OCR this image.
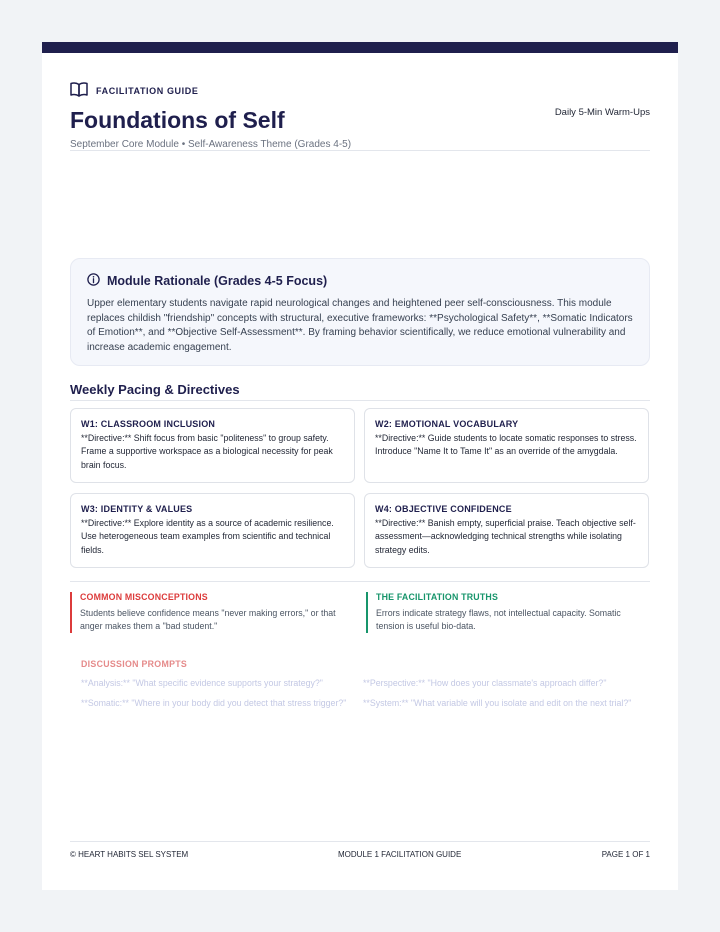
FACILITATION GUIDE
Foundations of Self
September Core Module • Self-Awareness Theme (Grades 4-5)
Daily 5-Min Warm-Ups
Module Rationale (Grades 4-5 Focus)
Upper elementary students navigate rapid neurological changes and heightened peer self-consciousness. This module replaces childish "friendship" concepts with structural, executive frameworks: **Psychological Safety**, **Somatic Indicators of Emotion**, and **Objective Self-Assessment**. By framing behavior scientifically, we reduce emotional vulnerability and increase academic engagement.
Weekly Pacing & Directives
W1: CLASSROOM INCLUSION
**Directive:** Shift focus from basic "politeness" to group safety. Frame a supportive workspace as a biological necessity for peak brain focus.
W2: EMOTIONAL VOCABULARY
**Directive:** Guide students to locate somatic responses to stress. Introduce "Name It to Tame It" as an override of the amygdala.
W3: IDENTITY & VALUES
**Directive:** Explore identity as a source of academic resilience. Use heterogeneous team examples from scientific and technical fields.
W4: OBJECTIVE CONFIDENCE
**Directive:** Banish empty, superficial praise. Teach objective self-assessment—acknowledging technical strengths while isolating strategy edits.
COMMON MISCONCEPTIONS
Students believe confidence means "never making errors," or that anger makes them a "bad student."
THE FACILITATION TRUTHS
Errors indicate strategy flaws, not intellectual capacity. Somatic tension is useful bio-data.
DISCUSSION PROMPTS
**Analysis:** "What specific evidence supports your strategy?"	**Perspective:** "How does your classmate's approach differ?"
**Somatic:** "Where in your body did you detect that stress trigger?"	**System:** "What variable will you isolate and edit on the next trial?"
© HEART HABITS SEL SYSTEM	MODULE 1 FACILITATION GUIDE	PAGE 1 OF 1
